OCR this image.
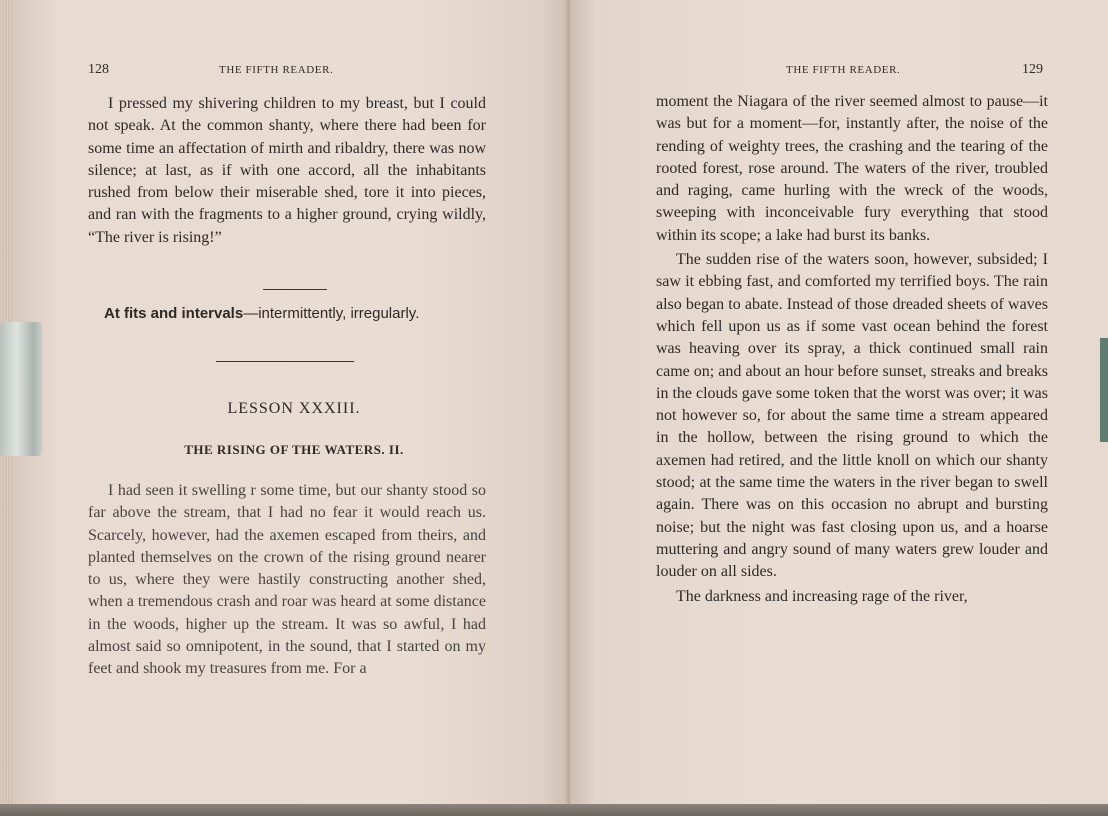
128	THE FIFTH READER.

I pressed my shivering children to my breast, but I could not speak. At the common shanty, where there had been for some time an affectation of mirth and ribaldry, there was now silence; at last, as if with one accord, all the inhabitants rushed from below their miserable shed, tore it into pieces, and ran with the fragments to a higher ground, crying wildly, “The river is rising!”

At fits and intervals—intermittently, irregularly.
LESSON XXXIII.
THE RISING OF THE WATERS. II.

I had seen it swelling r some time, but our shanty stood so far above the stream, that I had no fear it would reach us. Scarcely, however, had the axemen escaped from theirs, and planted themselves on the crown of the rising ground nearer to us, where they were hastily constructing another shed, when a tremendous crash and roar was heard at some distance in the woods, higher up the stream. It was so awful, I had almost said so omnipotent, in the sound, that I started on my feet and shook my treasures from me. For a

THE FIFTH READER.	129

moment the Niagara of the river seemed almost to pause—it was but for a moment—for, instantly after, the noise of the rending of weighty trees, the crashing and the tearing of the rooted forest, rose around. The waters of the river, troubled and raging, came hurling with the wreck of the woods, sweeping with inconceivable fury everything that stood within its scope; a lake had burst its banks.

The sudden rise of the waters soon, however, subsided; I saw it ebbing fast, and comforted my terrified boys. The rain also began to abate. Instead of those dreaded sheets of waves which fell upon us as if some vast ocean behind the forest was heaving over its spray, a thick continued small rain came on; and about an hour before sunset, streaks and breaks in the clouds gave some token that the worst was over; it was not however so, for about the same time a stream appeared in the hollow, between the rising ground to which the axemen had retired, and the little knoll on which our shanty stood; at the same time the waters in the river began to swell again. There was on this occasion no abrupt and bursting noise; but the night was fast closing upon us, and a hoarse muttering and angry sound of many waters grew louder and louder on all sides.

The darkness and increasing rage of the river,
